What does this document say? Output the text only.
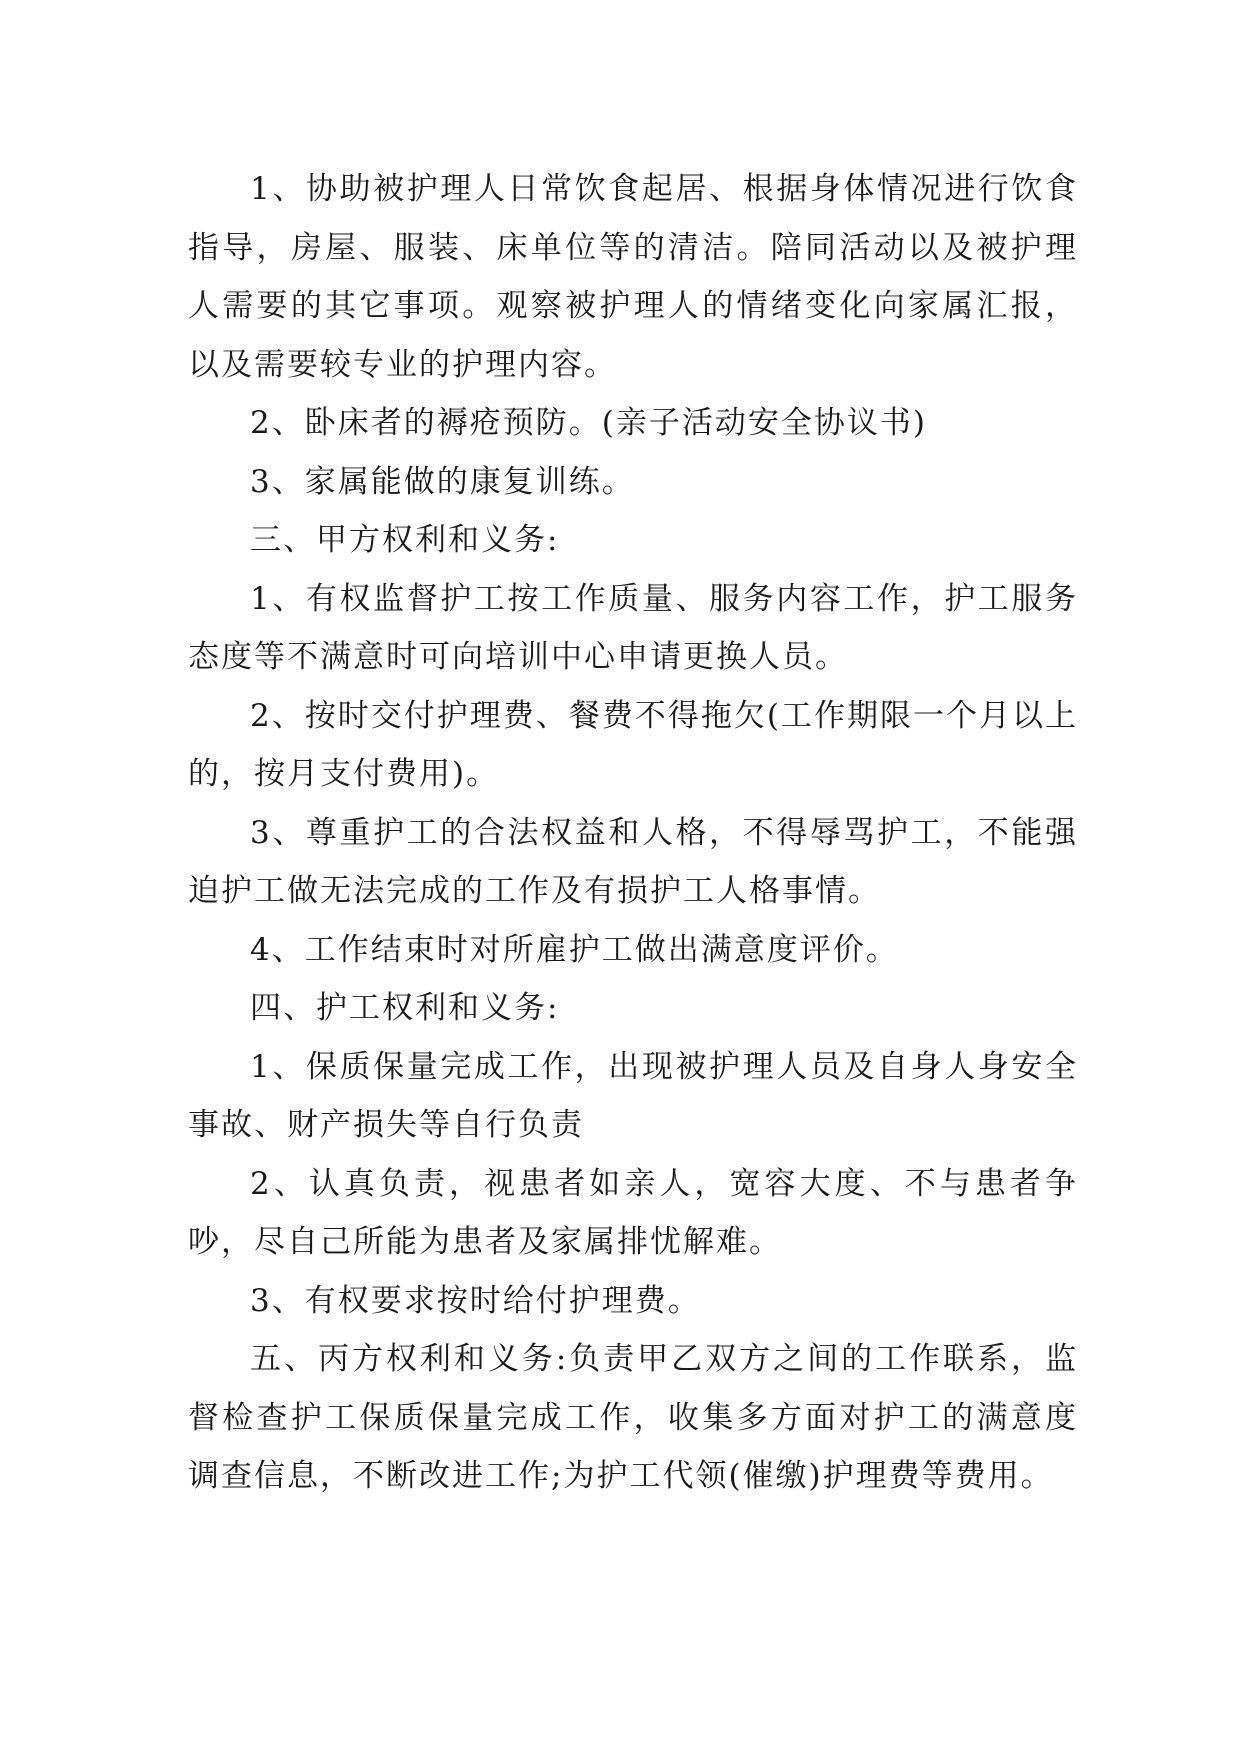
1、协助被护理人日常饮食起居、根据身体情况进行饮食指导，房屋、服装、床单位等的清洁。陪同活动以及被护理人需要的其它事项。观察被护理人的情绪变化向家属汇报，以及需要较专业的护理内容。

2、卧床者的褥疮预防。(亲子活动安全协议书)

3、家属能做的康复训练。

三、甲方权利和义务:

1、有权监督护工按工作质量、服务内容工作，护工服务态度等不满意时可向培训中心申请更换人员。

2、按时交付护理费、餐费不得拖欠(工作期限一个月以上的，按月支付费用)。

3、尊重护工的合法权益和人格，不得辱骂护工，不能强迫护工做无法完成的工作及有损护工人格事情。

4、工作结束时对所雇护工做出满意度评价。

四、护工权利和义务:

1、保质保量完成工作，出现被护理人员及自身人身安全事故、财产损失等自行负责

2、认真负责，视患者如亲人，宽容大度、不与患者争吵，尽自己所能为患者及家属排忧解难。

3、有权要求按时给付护理费。

五、丙方权利和义务:负责甲乙双方之间的工作联系，监督检查护工保质保量完成工作，收集多方面对护工的满意度调查信息，不断改进工作;为护工代领(催缴)护理费等费用。
